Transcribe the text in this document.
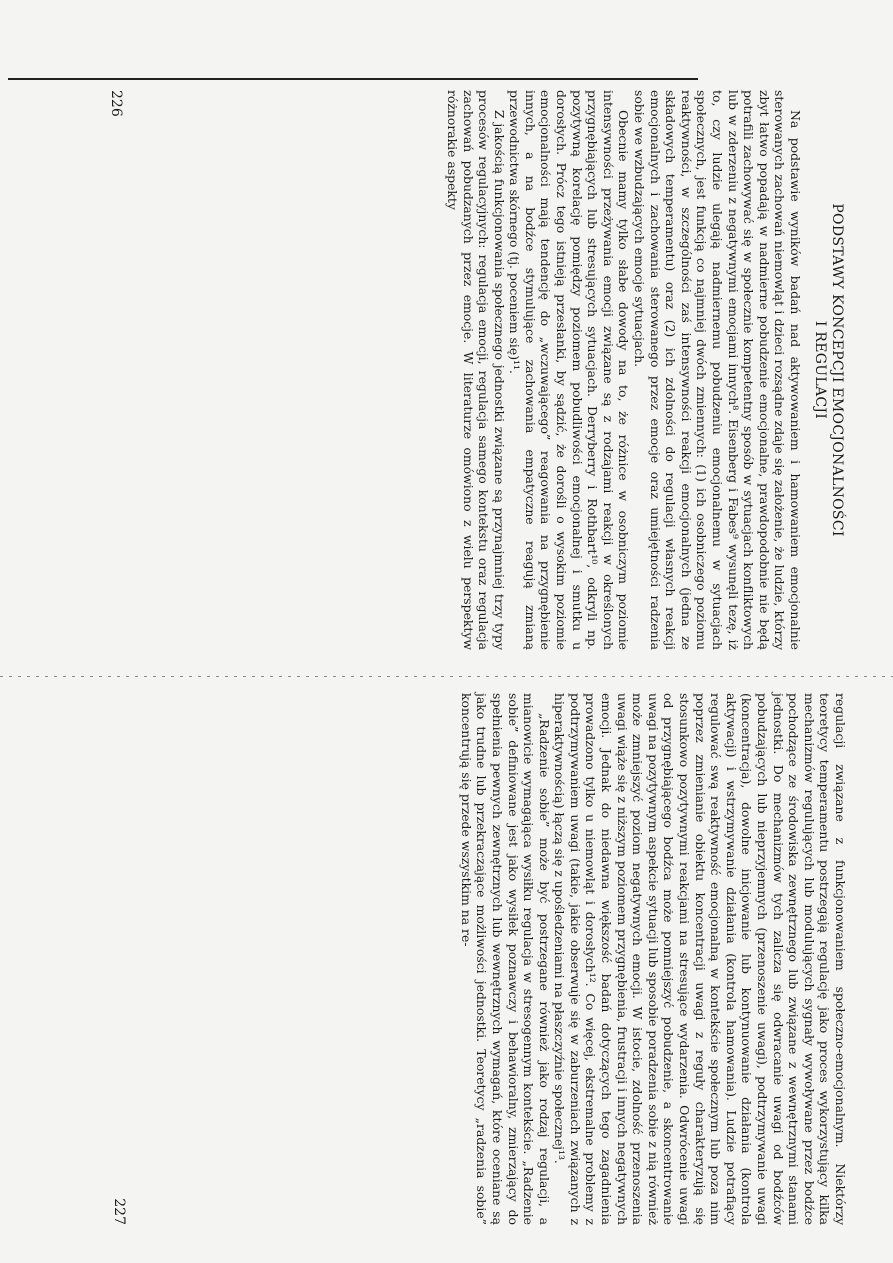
PODSTAWY KONCEPCJI EMOCJONALNOŚCI
I REGULACJI

Na podstawie wyników badań nad aktywowaniem i hamowaniem emocjonalnie sterowanych zachowań niemowląt i dzieci rozsądne zdaje się założenie, że ludzie, którzy zbyt łatwo popadają w nadmierne pobudzenie emocjonalne, prawdopodobnie nie będą potrafili zachowywać się w społecznie kompetentny sposób w sytuacjach konfliktowych lub w zderzeniu z negatywnymi emocjami innych⁸. Eisenberg i Fabes⁹ wysunęli tezę, iż to, czy ludzie ulegają nadmiernemu pobudzeniu emocjonalnemu w sytuacjach społecznych, jest funkcją co najmniej dwóch zmiennych: (1) ich osobniczego poziomu reaktywności, w szczególności zaś intensywności reakcji emocjonalnych (jedna ze składowych temperamentu) oraz (2) ich zdolności do regulacji własnych reakcji emocjonalnych i zachowania sterowanego przez emocje oraz umiejętności radzenia sobie we wzbudzających emocje sytuacjach.

Obecnie mamy tylko słabe dowody na to, że różnice w osobniczym poziomie intensywności przeżywania emocji związane są z rodzajami reakcji w określonych przygnębiających lub stresujących sytuacjach. Derryberry i Rothbart¹⁰, odkryli np. pozytywną korelację pomiędzy poziomem pobudliwości emocjonalnej i smutku u dorosłych. Prócz tego istnieją przesłanki, by sądzić, że dorośli o wysokim poziomie emocjonalności mają tendencję do „wczuwającego” reagowania na przygnębienie innych, a na bodźce stymulujące zachowania empatyczne reagują zmianą przewodnictwa skórnego (tj. poceniem się)¹¹.

Z jakością funkcjonowania społecznego jednostki związane są przynajmniej trzy typy procesów regulacyjnych: regulacja emocji, regulacja samego kontekstu oraz regulacja zachowań pobudzanych przez emocje. W literaturze omówiono z wielu perspektyw różnorakie aspekty

226

regulacji związane z funkcjonowaniem społeczno-emocjonalnym. Niektórzy teoretycy temperamentu postrzegają regulację jako proces wykorzystujący kilka mechanizmów regulujących lub modulujących sygnały wywoływane przez bodźce pochodzące ze środowiska zewnętrznego lub związane z wewnętrznymi stanami jednostki. Do mechanizmów tych zalicza się odwracanie uwagi od bodźców pobudzających lub nieprzyjemnych (przenoszenie uwagi), podtrzymywanie uwagi (koncentracja), dowolne inicjowanie lub kontynuowanie działania (kontrola aktywacji) i wstrzymywanie działania (kontrola hamowania). Ludzie potrafiący regulować swą reaktywność emocjonalną w kontekście społecznym lub poza nim poprzez zmienianie obiektu koncentracji uwagi z reguły charakteryzują się stosunkowo pozytywnymi reakcjami na stresujące wydarzenia. Odwrócenie uwagi od przygnębiającego bodźca może pomniejszyć pobudzenie, a skoncentrowanie uwagi na pozytywnym aspekcie sytuacji lub sposobie poradzenia sobie z nią również może zmniejszyć poziom negatywnych emocji. W istocie, zdolność przenoszenia uwagi wiąże się z niższym poziomem przygnębienia, frustracji i innych negatywnych emocji. Jednak do niedawna większość badań dotyczących tego zagadnienia prowadzono tylko u niemowląt i dorosłych¹². Co więcej, ekstremalne problemy z podtrzymywaniem uwagi (takie, jakie obserwuje się w zaburzeniach związanych z hiperaktywnością) łączą się z upośledzeniami na płaszczyźnie społecznej¹³.

„Radzenie sobie” może być postrzegane również jako rodzaj regulacji, a mianowicie wymagająca wysiłku regulacja w stresogennym kontekście. „Radzenie sobie” definiowane jest jako wysiłek poznawczy i behawioralny, zmierzający do spełnienia pewnych zewnętrznych lub wewnętrznych wymagań, które oceniane są jako trudne lub przekraczające możliwości jednostki. Teoretycy „radzenia sobie” koncentrują się przede wszystkim na re-

227
